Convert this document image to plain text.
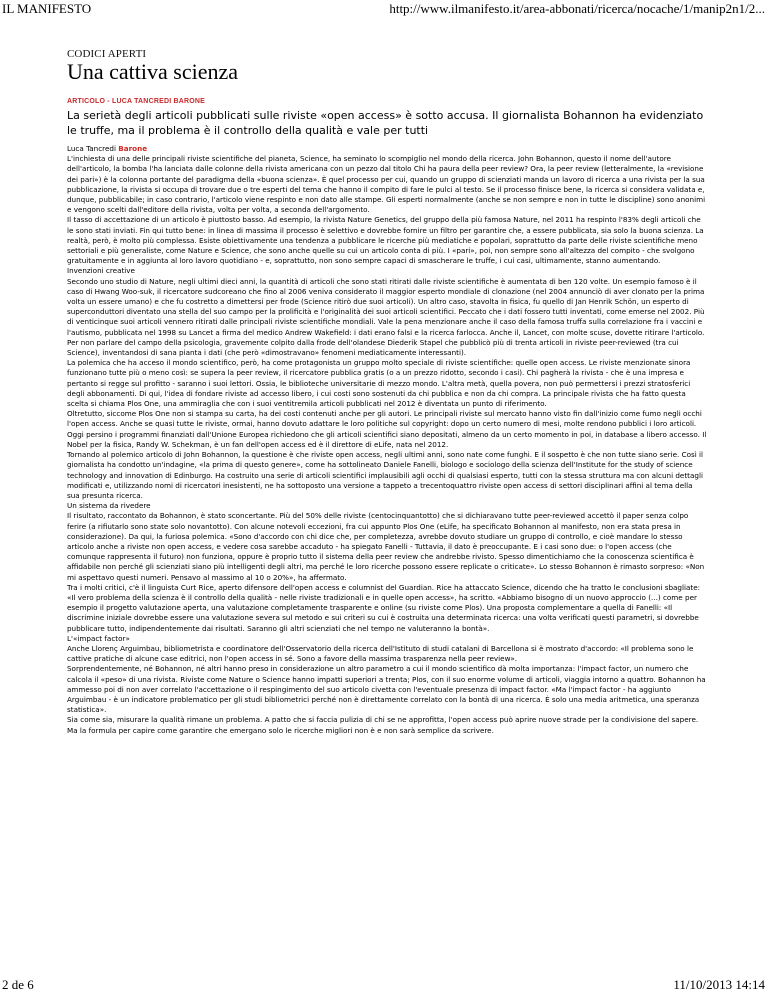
IL MANIFESTO	http://www.ilmanifesto.it/area-abbonati/ricerca/nocache/1/manip2n1/2...
CODICI APERTI
Una cattiva scienza
ARTICOLO - LUCA TANCREDI BARONE
La serietà degli articoli pubblicati sulle riviste «open access» è sotto accusa. Il giornalista Bohannon ha evidenziato le truffe, ma il problema è il controllo della qualità e vale per tutti
Luca Tancredi Barone

L'inchiesta di una delle principali riviste scientifiche del pianeta, Science, ha seminato lo scompiglio nel mondo della ricerca. John Bohannon, questo il nome dell'autore dell'articolo, la bomba l'ha lanciata dalle colonne della rivista americana con un pezzo dal titolo Chi ha paura della peer review? Ora, la peer review (letteralmente, la «revisione dei pari») è la colonna portante del paradigma della «buona scienza». È quel processo per cui, quando un gruppo di scienziati manda un lavoro di ricerca a una rivista per la sua pubblicazione, la rivista si occupa di trovare due o tre esperti del tema che hanno il compito di fare le pulci al testo. Se il processo finisce bene, la ricerca si considera validata e, dunque, pubblicabile; in caso contrario, l'articolo viene respinto e non dato alle stampe. Gli esperti normalmente (anche se non sempre e non in tutte le discipline) sono anonimi e vengono scelti dall'editore della rivista, volta per volta, a seconda dell'argomento.

Il tasso di accettazione di un articolo è piuttosto basso. Ad esempio, la rivista Nature Genetics, del gruppo della più famosa Nature, nel 2011 ha respinto l'83% degli articoli che le sono stati inviati. Fin qui tutto bene: in linea di massima il processo è selettivo e dovrebbe fornire un filtro per garantire che, a essere pubblicata, sia solo la buona scienza. La realtà, però, è molto più complessa. Esiste obiettivamente una tendenza a pubblicare le ricerche più mediatiche e popolari, soprattutto da parte delle riviste scientifiche meno settoriali e più generaliste, come Nature e Science, che sono anche quelle su cui un articolo conta di più. I «pari», poi, non sempre sono all'altezza del compito - che svolgono gratuitamente e in aggiunta al loro lavoro quotidiano - e, soprattutto, non sono sempre capaci di smascherare le truffe, i cui casi, ultimamente, stanno aumentando.

Invenzioni creative

Secondo uno studio di Nature, negli ultimi dieci anni, la quantità di articoli che sono stati ritirati dalle riviste scientifiche è aumentata di ben 120 volte. Un esempio famoso è il caso di Hwang Woo-suk, il ricercatore sudcoreano che fino al 2006 veniva considerato il maggior esperto mondiale di clonazione (nel 2004 annunciò di aver clonato per la prima volta un essere umano) e che fu costretto a dimettersi per frode (Science ritirò due suoi articoli). Un altro caso, stavolta in fisica, fu quello di Jan Henrik Schön, un esperto di superconduttori diventato una stella del suo campo per la prolificità e l'originalità dei suoi articoli scientifici. Peccato che i dati fossero tutti inventati, come emerse nel 2002. Più di venticinque suoi articoli vennero ritirati dalle principali riviste scientifiche mondiali. Vale la pena menzionare anche il caso della famosa truffa sulla correlazione fra i vaccini e l'autismo, pubblicata nel 1998 su Lancet a firma del medico Andrew Wakefield: i dati erano falsi e la ricerca farlocca. Anche il, Lancet, con molte scuse, dovette ritirare l'articolo. Per non parlare del campo della psicologia, gravemente colpito dalla frode dell'olandese Diederik Stapel che pubblicò più di trenta articoli in riviste peer-reviewed (tra cui Science), inventandosi di sana pianta i dati (che però «dimostravano» fenomeni mediaticamente interessanti).

La polemica che ha acceso il mondo scientifico, però, ha come protagonista un gruppo molto speciale di riviste scientifiche: quelle open access. Le riviste menzionate sinora funzionano tutte più o meno così: se supera la peer review, il ricercatore pubblica gratis (o a un prezzo ridotto, secondo i casi). Chi pagherà la rivista - che è una impresa e pertanto si regge sul profitto - saranno i suoi lettori. Ossia, le biblioteche universitarie di mezzo mondo. L'altra metà, quella povera, non può permettersi i prezzi stratosferici degli abbonamenti. Di qui, l'idea di fondare riviste ad accesso libero, i cui costi sono sostenuti da chi pubblica e non da chi compra. La principale rivista che ha fatto questa scelta si chiama Plos One, una ammiraglia che con i suoi ventitremila articoli pubblicati nel 2012 è diventata un punto di riferimento.

Oltretutto, siccome Plos One non si stampa su carta, ha dei costi contenuti anche per gli autori. Le principali riviste sul mercato hanno visto fin dall'inizio come fumo negli occhi l'open access. Anche se quasi tutte le riviste, ormai, hanno dovuto adattare le loro politiche sul copyright: dopo un certo numero di mesi, molte rendono pubblici i loro articoli. Oggi persino i programmi finanziati dall'Unione Europea richiedono che gli articoli scientifici siano depositati, almeno da un certo momento in poi, in database a libero accesso. Il Nobel per la fisica, Randy W. Schekman, è un fan dell'open access ed è il direttore di eLife, nata nel 2012.

Tornando al polemico articolo di John Bohannon, la questione è che riviste open access, negli ultimi anni, sono nate come funghi. E il sospetto è che non tutte siano serie. Così il giornalista ha condotto un'indagine, «la prima di questo genere», come ha sottolineato Daniele Fanelli, biologo e sociologo della scienza dell'Institute for the study of science technology and innovation di Edinburgo. Ha costruito una serie di articoli scientifici implausibili agli occhi di qualsiasi esperto, tutti con la stessa struttura ma con alcuni dettagli modificati e, utilizzando nomi di ricercatori inesistenti, ne ha sottoposto una versione a tappeto a trecentoquattro riviste open access di settori disciplinari affini al tema della sua presunta ricerca.

Un sistema da rivedere

Il risultato, raccontato da Bohannon, è stato sconcertante. Più del 50% delle riviste (centocinquantotto) che si dichiaravano tutte peer-reviewed accettò il paper senza colpo ferire (a rifiutarlo sono state solo novantotto). Con alcune notevoli eccezioni, fra cui appunto Plos One (eLife, ha specificato Bohannon al manifesto, non era stata presa in considerazione). Da qui, la furiosa polemica. «Sono d'accordo con chi dice che, per completezza, avrebbe dovuto studiare un gruppo di controllo, e cioè mandare lo stesso articolo anche a riviste non open access, e vedere cosa sarebbe accaduto - ha spiegato Fanelli - Tuttavia, il dato è preoccupante. E i casi sono due: o l'open access (che comunque rappresenta il futuro) non funziona, oppure è proprio tutto il sistema della peer review che andrebbe rivisto. Spesso dimentichiamo che la conoscenza scientifica è affidabile non perché gli scienziati siano più intelligenti degli altri, ma perché le loro ricerche possono essere replicate o criticate». Lo stesso Bohannon è rimasto sorpreso: «Non mi aspettavo questi numeri. Pensavo al massimo al 10 o 20%», ha affermato.

Tra i molti critici, c'è il linguista Curt Rice, aperto difensore dell'open access e columnist del Guardian. Rice ha attaccato Science, dicendo che ha tratto le conclusioni sbagliate: «Il vero problema della scienza è il controllo della qualità - nelle riviste tradizionali e in quelle open access», ha scritto. «Abbiamo bisogno di un nuovo approccio (...) come per esempio il progetto valutazione aperta, una valutazione completamente trasparente e online (su riviste come Plos). Una proposta complementare a quella di Fanelli: «Il discrimine iniziale dovrebbe essere una valutazione severa sul metodo e sui criteri su cui è costruita una determinata ricerca: una volta verificati questi parametri, si dovrebbe pubblicare tutto, indipendentemente dai risultati. Saranno gli altri scienziati che nel tempo ne valuteranno la bontà».

L'«impact factor»

Anche Llorenç Arguimbau, bibliometrista e coordinatore dell'Osservatorio della ricerca dell'Istituto di studi catalani di Barcellona si è mostrato d'accordo: «Il problema sono le cattive pratiche di alcune case editrici, non l'open access in sé. Sono a favore della massima trasparenza nella peer review».

Sorprendentemente, né Bohannon, né altri hanno preso in considerazione un altro parametro a cui il mondo scientifico dà molta importanza: l'impact factor, un numero che calcola il «peso» di una rivista. Riviste come Nature o Science hanno impatti superiori a trenta; Plos, con il suo enorme volume di articoli, viaggia intorno a quattro. Bohannon ha ammesso poi di non aver correlato l'accettazione o il respingimento del suo articolo civetta con l'eventuale presenza di impact factor. «Ma l'impact factor - ha aggiunto Arguimbau - è un indicatore problematico per gli studi bibliometrici perché non è direttamente correlato con la bontà di una ricerca. È solo una media aritmetica, una speranza statistica».

Sia come sia, misurare la qualità rimane un problema. A patto che si faccia pulizia di chi se ne approfitta, l'open access può aprire nuove strade per la condivisione del sapere. Ma la formula per capire come garantire che emergano solo le ricerche migliori non è e non sarà semplice da scrivere.

2 de 6	11/10/2013 14:14
